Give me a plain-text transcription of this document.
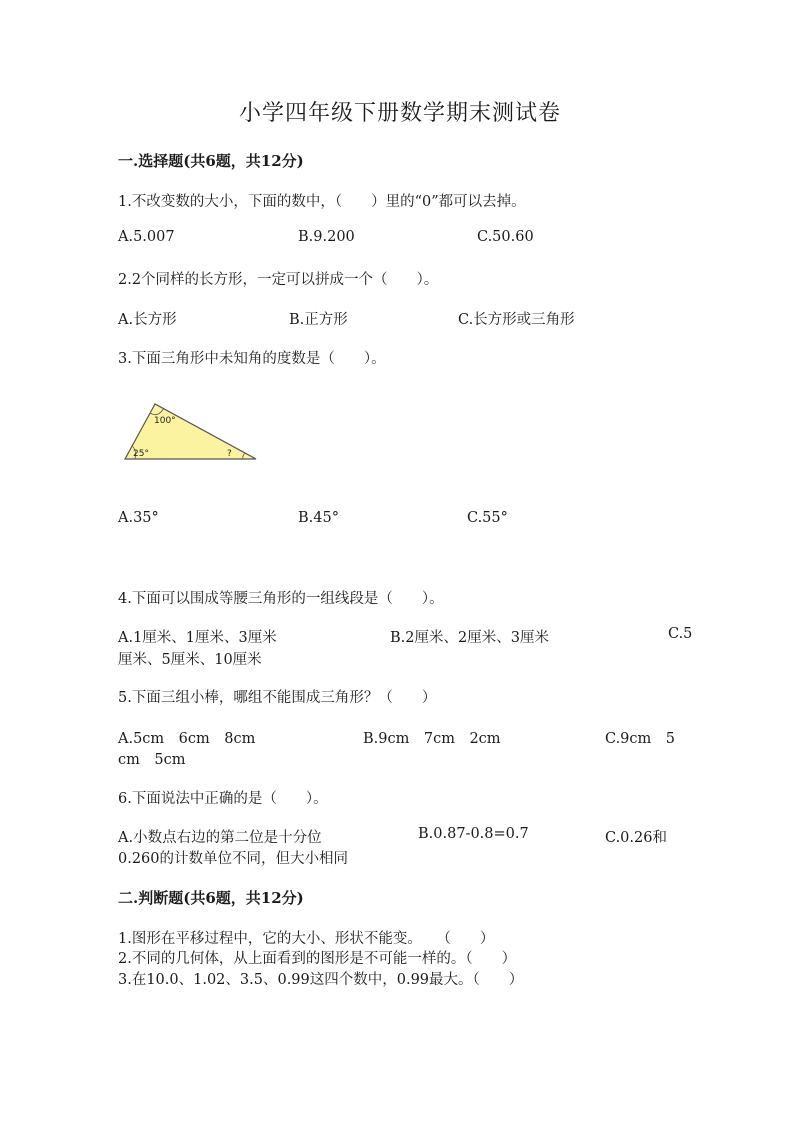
小学四年级下册数学期末测试卷
一.选择题(共6题，共12分)
1.不改变数的大小，下面的数中，（　　）里的“0”都可以去掉。
A.5.007	B.9.200	C.50.60
2.2个同样的长方形，一定可以拼成一个（　　）。
A.长方形	B.正方形	C.长方形或三角形
3.下面三角形中未知角的度数是（　　）。
100°
25°	?
A.35°	B.45°	C.55°
4.下面可以围成等腰三角形的一组线段是（　　）。
A.1厘米、1厘米、3厘米	B.2厘米、2厘米、3厘米	C.5
厘米、5厘米、10厘米
5.下面三组小棒，哪组不能围成三角形？（　　）
A.5cm　6cm　8cm	B.9cm　7cm　2cm	C.9cm　5
cm　5cm
6.下面说法中正确的是（　　）。
A.小数点右边的第二位是十分位	B.0.87-0.8=0.7	C.0.26和
0.260的计数单位不同，但大小相同
二.判断题(共6题，共12分)
1.图形在平移过程中，它的大小、形状不能变。　　（　　）
2.不同的几何体，从上面看到的图形是不可能一样的。（　　）
3.在10.0、1.02、3.5、0.99这四个数中，0.99最大。（　　）
